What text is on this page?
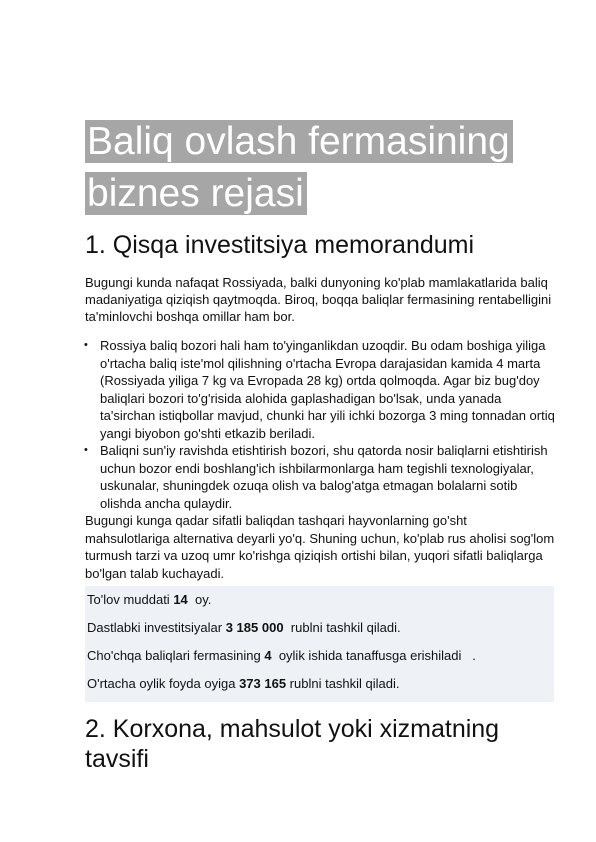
Baliq ovlash fermasining
biznes rejasi
1. Qisqa investitsiya memorandumi

Bugungi kunda nafaqat Rossiyada, balki dunyoning ko'plab mamlakatlarida baliq madaniyatiga qiziqish qaytmoqda. Biroq, boqqa baliqlar fermasining rentabelligini ta'minlovchi boshqa omillar ham bor.

• Rossiya baliq bozori hali ham to'yinganlikdan uzoqdir. Bu odam boshiga yiliga o'rtacha baliq iste'mol qilishning o'rtacha Evropa darajasidan kamida 4 marta (Rossiyada yiliga 7 kg va Evropada 28 kg) ortda qolmoqda. Agar biz bug'doy baliqlari bozori to'g'risida alohida gaplashadigan bo'lsak, unda yanada ta'sirchan istiqbollar mavjud, chunki har yili ichki bozorga 3 ming tonnadan ortiq yangi biyobon go'shti etkazib beriladi.
• Baliqni sun'iy ravishda etishtirish bozori, shu qatorda nosir baliqlarni etishtirish uchun bozor endi boshlang'ich ishbilarmonlarga ham tegishli texnologiyalar, uskunalar, shuningdek ozuqa olish va balog'atga etmagan bolalarni sotib olishda ancha qulaydir.

Bugungi kunga qadar sifatli baliqdan tashqari hayvonlarning go'sht mahsulotlariga alternativa deyarli yo'q. Shuning uchun, ko'plab rus aholisi sog'lom turmush tarzi va uzoq umr ko'rishga qiziqish ortishi bilan, yuqori sifatli baliqlarga bo'lgan talab kuchayadi.

To'lov muddati 14  oy.

Dastlabki investitsiyalar 3 185 000  rublni tashkil qiladi.

Cho'chqa baliqlari fermasining 4  oylik ishida tanaffusga erishiladi   .

O'rtacha oylik foyda oyiga 373 165 rublni tashkil qiladi.

2. Korxona, mahsulot yoki xizmatning tavsifi
